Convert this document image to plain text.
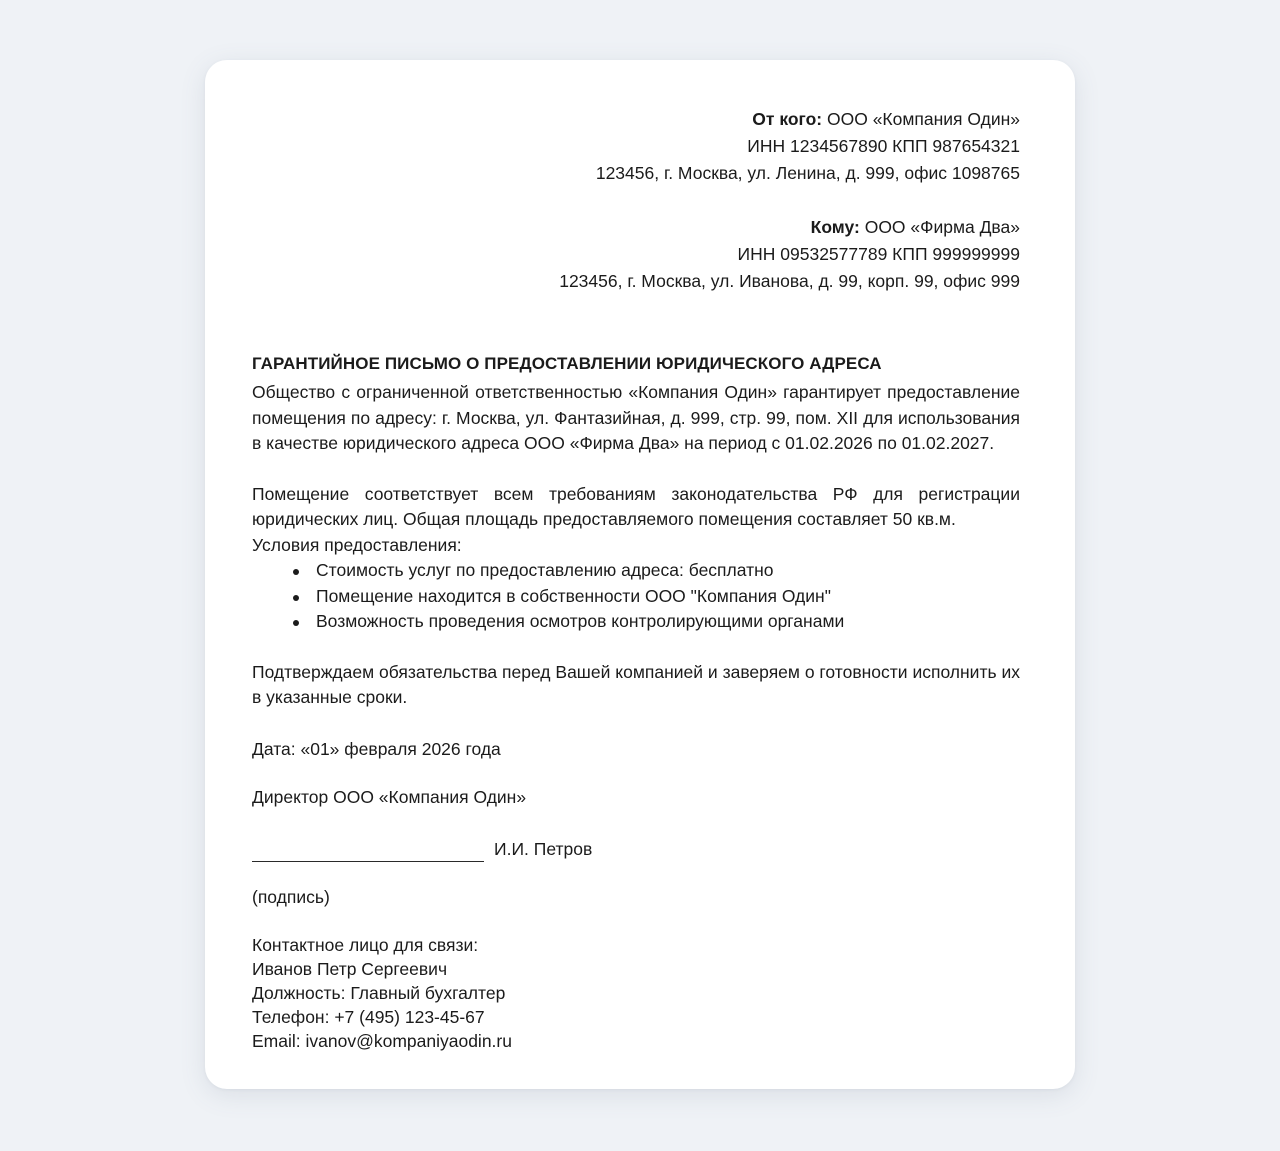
От кого: ООО «Компания Один»
ИНН 1234567890 КПП 987654321
123456, г. Москва, ул. Ленина, д. 999, офис 1098765
Кому: ООО «Фирма Два»
ИНН 09532577789 КПП 999999999
123456, г. Москва, ул. Иванова, д. 99, корп. 99, офис 999
ГАРАНТИЙНОЕ ПИСЬМО О ПРЕДОСТАВЛЕНИИ ЮРИДИЧЕСКОГО АДРЕСА

Общество с ограниченной ответственностью «Компания Один» гарантирует предоставление помещения по адресу: г. Москва, ул. Фантазийная, д. 999, стр. 99, пом. XII для использования в качестве юридического адреса ООО «Фирма Два» на период с 01.02.2026 по 01.02.2027.

Помещение соответствует всем требованиям законодательства РФ для регистрации юридических лиц. Общая площадь предоставляемого помещения составляет 50 кв.м.

Условия предоставления:
Стоимость услуг по предоставлению адреса: бесплатно
Помещение находится в собственности ООО "Компания Один"
Возможность проведения осмотров контролирующими органами

Подтверждаем обязательства перед Вашей компанией и заверяем о готовности исполнить их в указанные сроки.

Дата: «01» февраля 2026 года
Директор ООО «Компания Один»
И.И. Петров
(подпись)
Контактное лицо для связи:
Иванов Петр Сергеевич
Должность: Главный бухгалтер
Телефон: +7 (495) 123-45-67
Email: ivanov@kompaniyaodin.ru
